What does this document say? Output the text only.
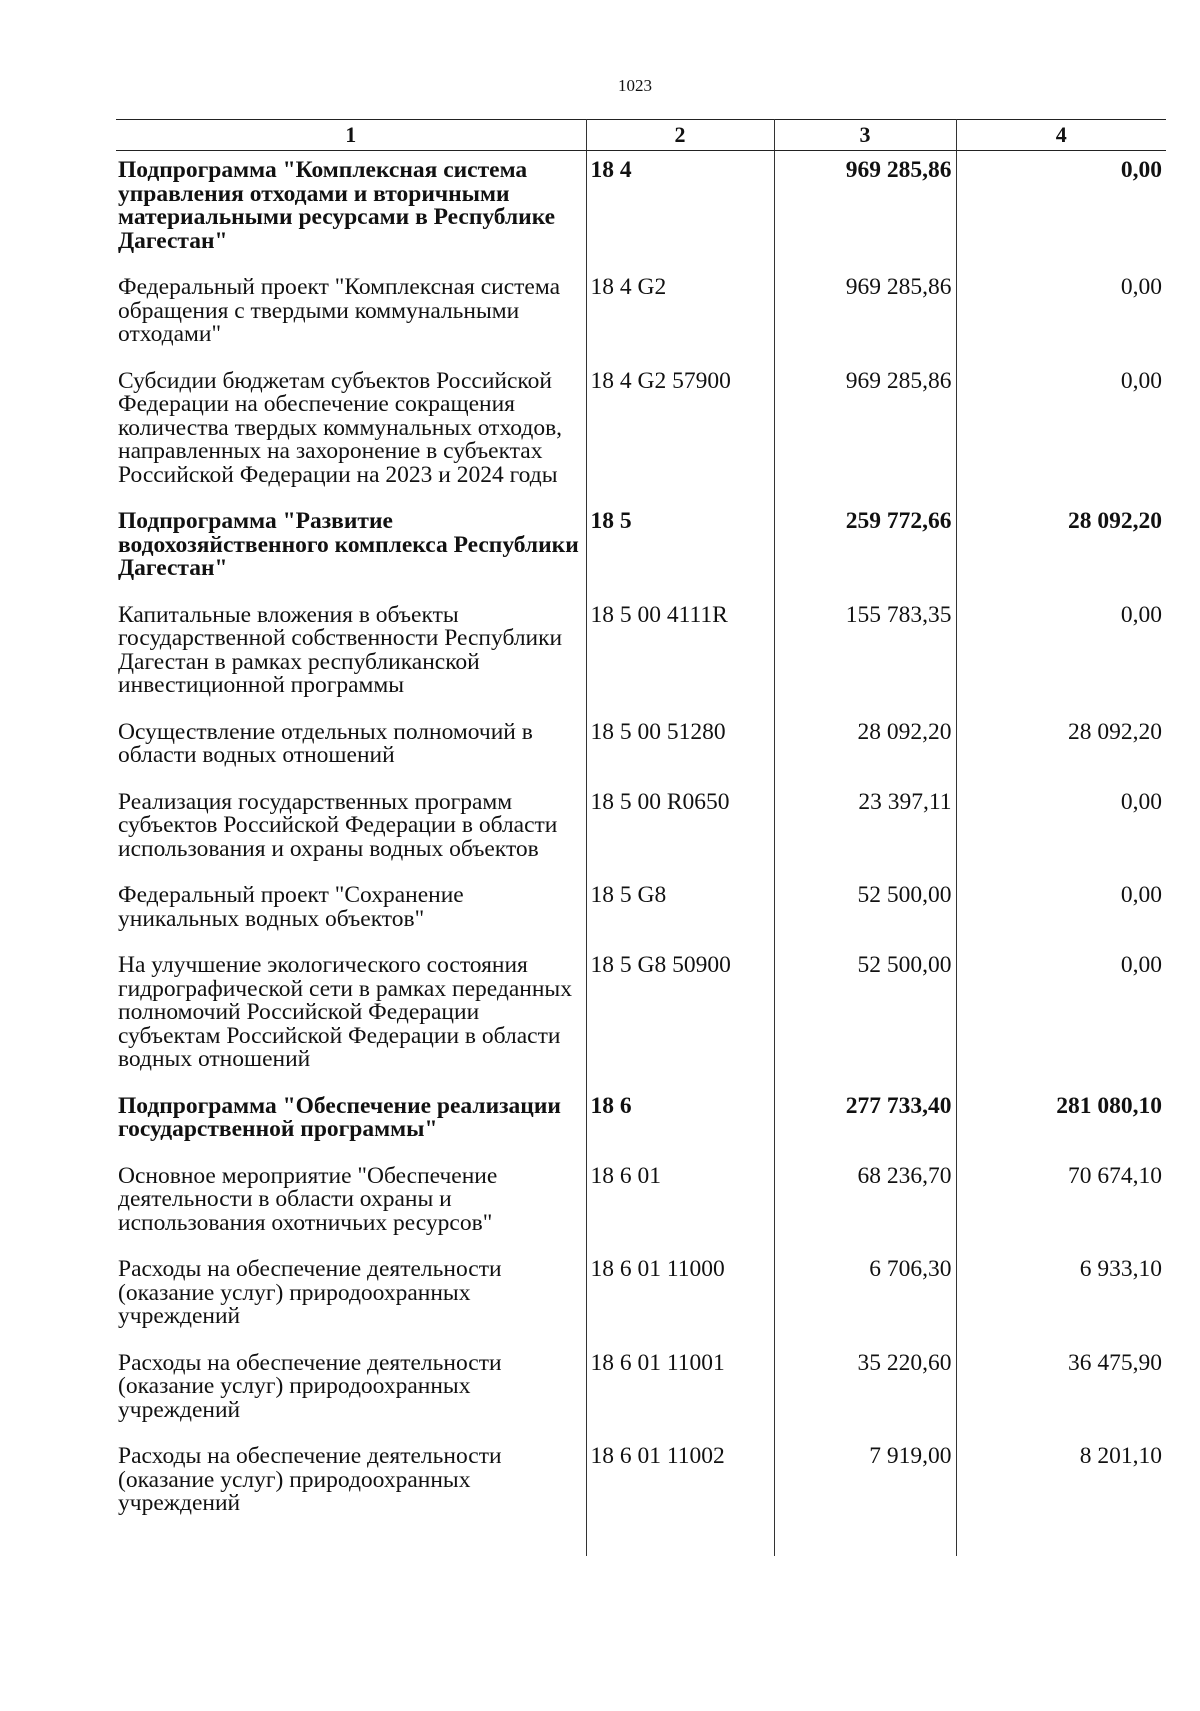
1023
1	2	3	4
Подпрограмма "Комплексная система управления отходами и вторичными материальными ресурсами в Республике Дагестан"	18 4	969 285,86	0,00
Федеральный проект "Комплексная система обращения с твердыми коммунальными отходами"	18 4 G2	969 285,86	0,00
Субсидии бюджетам субъектов Российской Федерации на обеспечение сокращения количества твердых коммунальных отходов, направленных на захоронение в субъектах Российской Федерации на 2023 и 2024 годы	18 4 G2 57900	969 285,86	0,00
Подпрограмма "Развитие водохозяйственного комплекса Республики Дагестан"	18 5	259 772,66	28 092,20
Капитальные вложения в объекты государственной собственности Республики Дагестан в рамках республиканской инвестиционной программы	18 5 00 4111R	155 783,35	0,00
Осуществление отдельных полномочий в области водных отношений	18 5 00 51280	28 092,20	28 092,20
Реализация государственных программ субъектов Российской Федерации в области использования и охраны водных объектов	18 5 00 R0650	23 397,11	0,00
Федеральный проект "Сохранение уникальных водных объектов"	18 5 G8	52 500,00	0,00
На улучшение экологического состояния гидрографической сети в рамках переданных полномочий Российской Федерации субъектам Российской Федерации в области водных отношений	18 5 G8 50900	52 500,00	0,00
Подпрограмма "Обеспечение реализации государственной программы"	18 6	277 733,40	281 080,10
Основное мероприятие "Обеспечение деятельности в области охраны и использования охотничьих ресурсов"	18 6 01	68 236,70	70 674,10
Расходы на обеспечение деятельности (оказание услуг) природоохранных учреждений	18 6 01 11000	6 706,30	6 933,10
Расходы на обеспечение деятельности (оказание услуг) природоохранных учреждений	18 6 01 11001	35 220,60	36 475,90
Расходы на обеспечение деятельности (оказание услуг) природоохранных учреждений	18 6 01 11002	7 919,00	8 201,10
